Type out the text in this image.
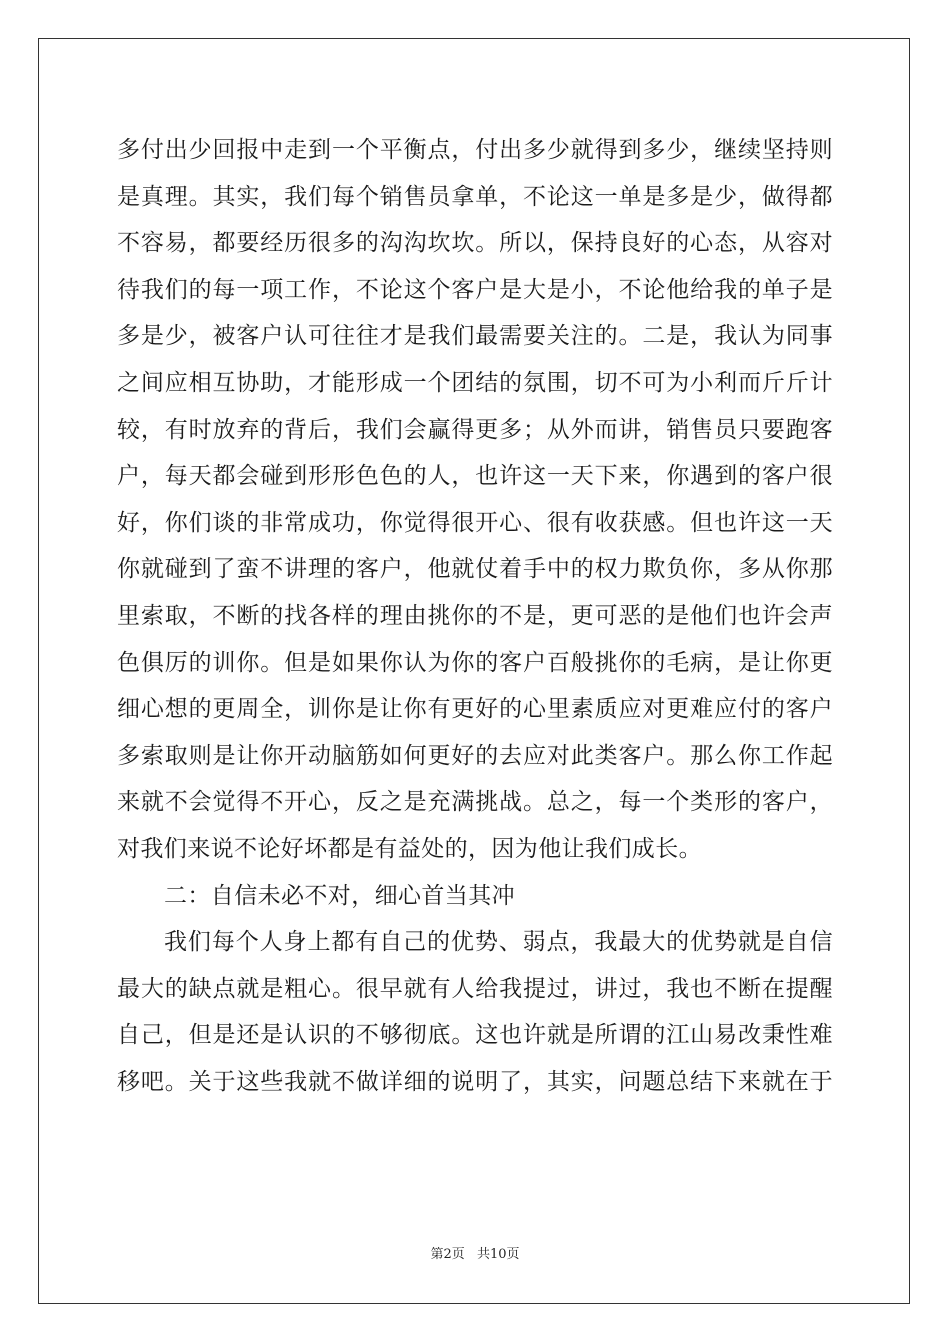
多付出少回报中走到一个平衡点，付出多少就得到多少，继续坚持则
是真理。其实，我们每个销售员拿单，不论这一单是多是少，做得都
不容易，都要经历很多的沟沟坎坎。所以，保持良好的心态，从容对
待我们的每一项工作，不论这个客户是大是小，不论他给我的单子是
多是少，被客户认可往往才是我们最需要关注的。二是，我认为同事
之间应相互协助，才能形成一个团结的氛围，切不可为小利而斤斤计
较，有时放弃的背后，我们会赢得更多；从外而讲，销售员只要跑客
户，每天都会碰到形形色色的人，也许这一天下来，你遇到的客户很
好，你们谈的非常成功，你觉得很开心、很有收获感。但也许这一天
你就碰到了蛮不讲理的客户，他就仗着手中的权力欺负你，多从你那
里索取，不断的找各样的理由挑你的不是，更可恶的是他们也许会声
色俱厉的训你。但是如果你认为你的客户百般挑你的毛病，是让你更
细心想的更周全，训你是让你有更好的心里素质应对更难应付的客户
多索取则是让你开动脑筋如何更好的去应对此类客户。那么你工作起
来就不会觉得不开心，反之是充满挑战。总之，每一个类形的客户，
对我们来说不论好坏都是有益处的，因为他让我们成长。
二：自信未必不对，细心首当其冲
我们每个人身上都有自己的优势、弱点，我最大的优势就是自信
最大的缺点就是粗心。很早就有人给我提过，讲过，我也不断在提醒
自己，但是还是认识的不够彻底。这也许就是所谓的江山易改秉性难
移吧。关于这些我就不做详细的说明了，其实，问题总结下来就在于
第2页 共10页
